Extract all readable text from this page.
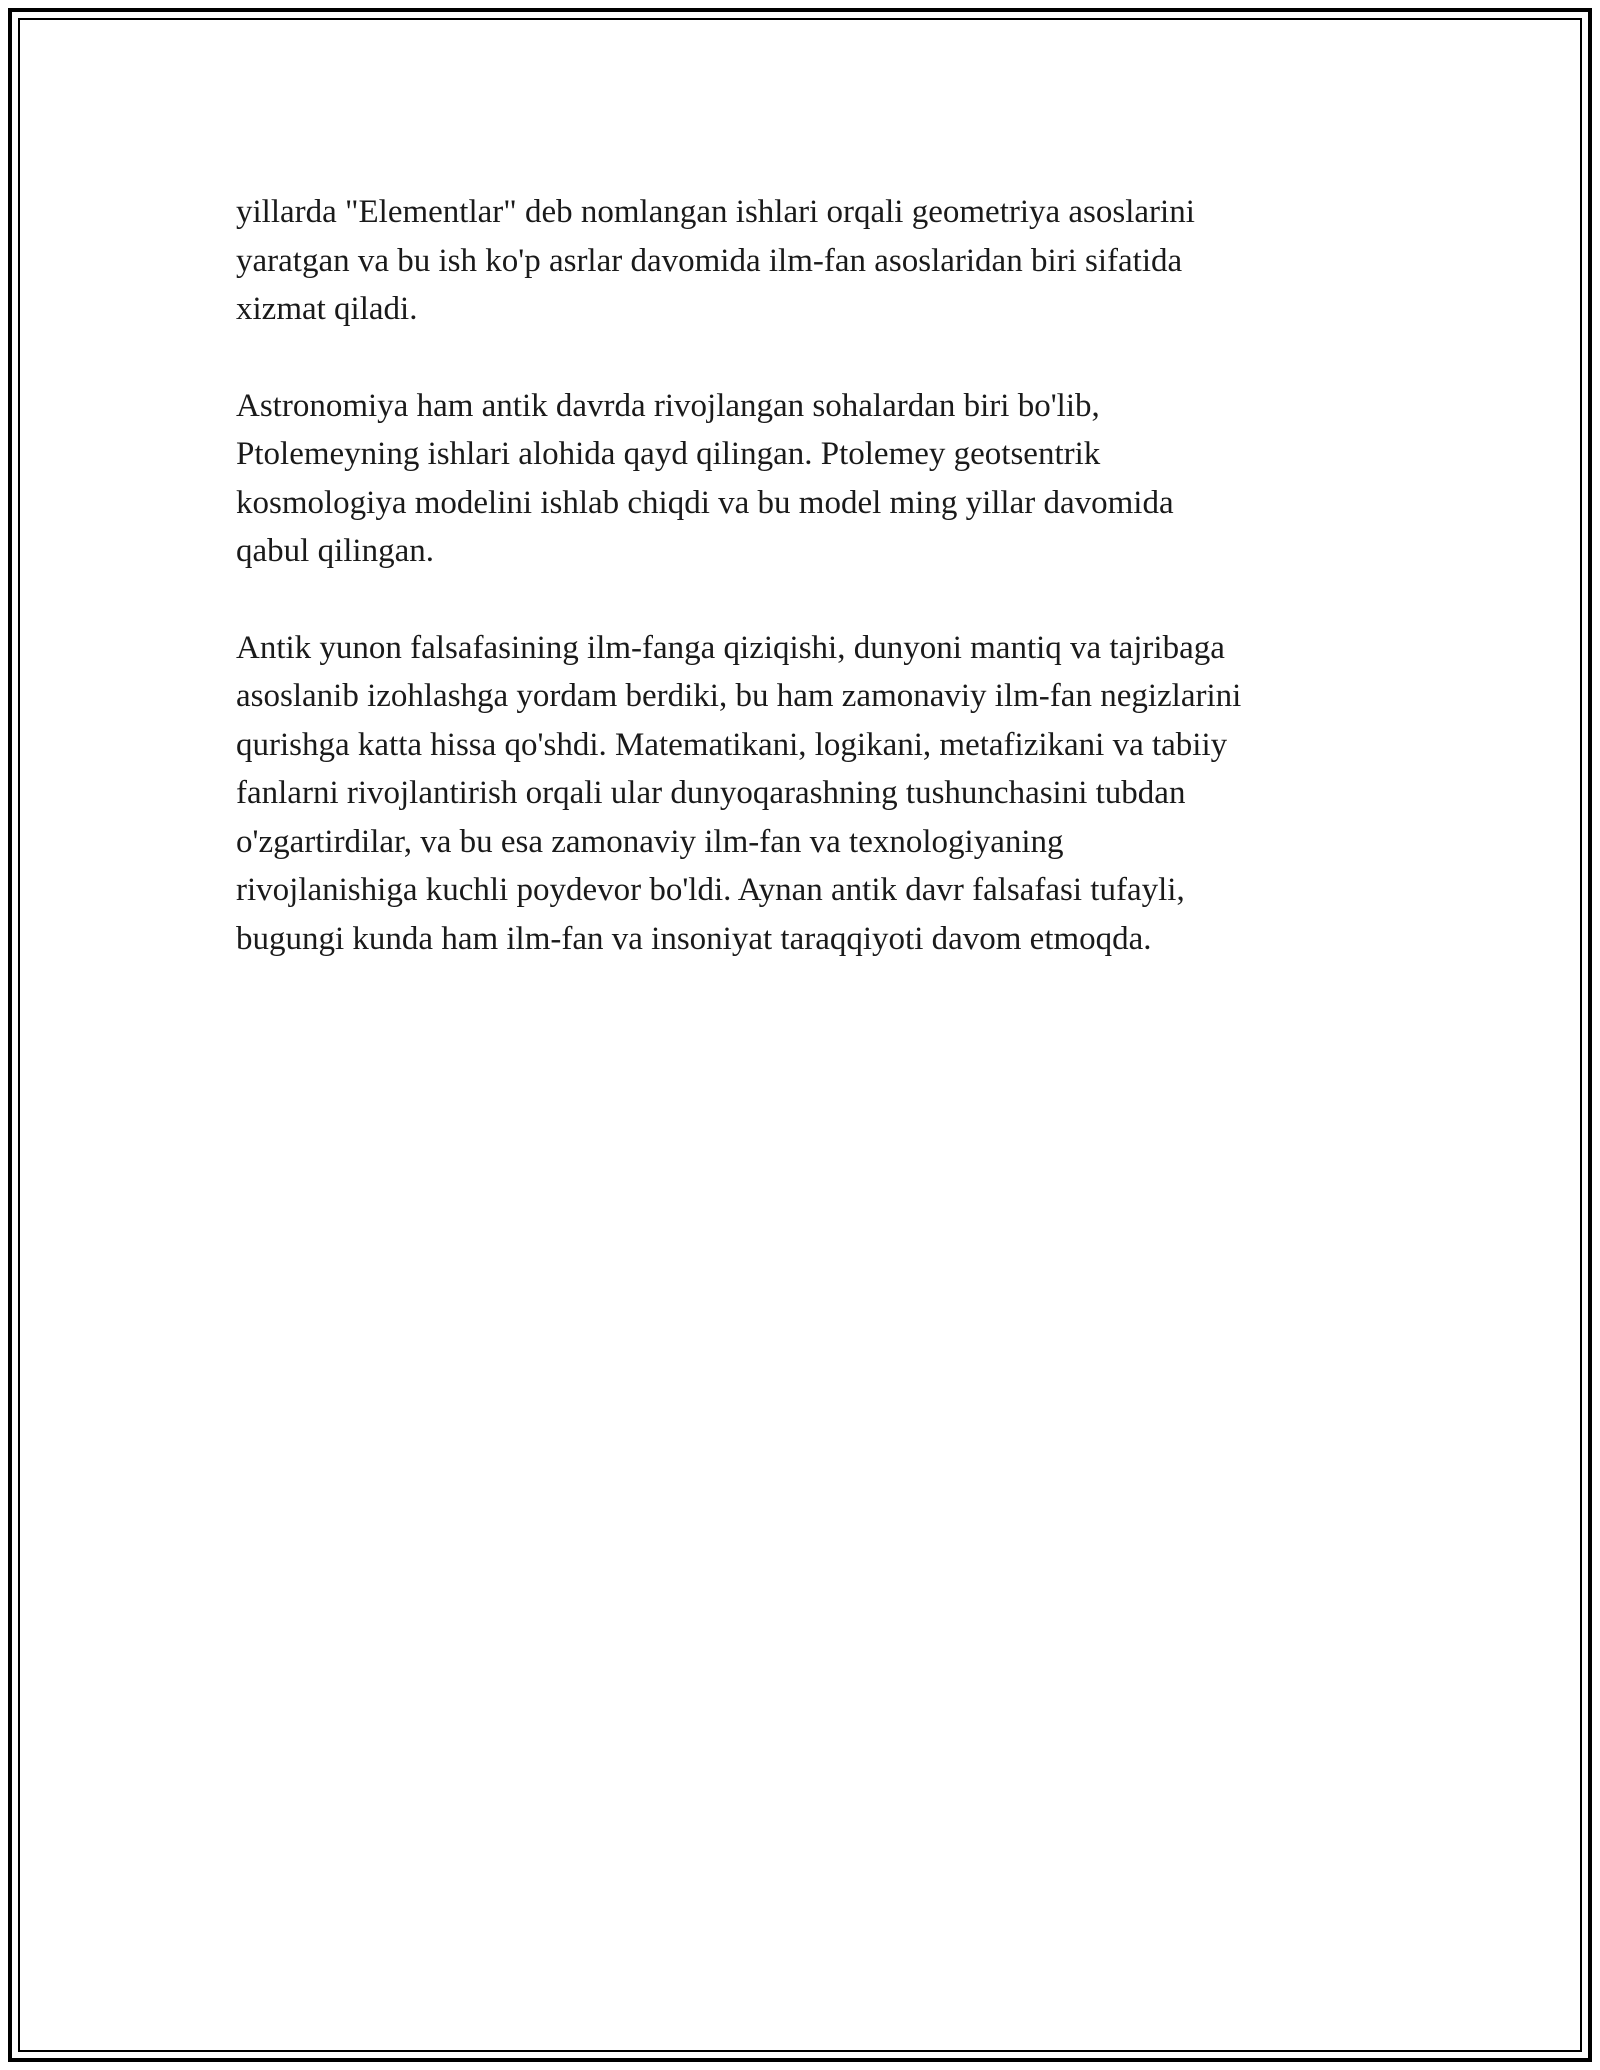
yillarda "Elementlar" deb nomlangan ishlari orqali geometriya asoslarini
yaratgan va bu ish ko'p asrlar davomida ilm-fan asoslaridan biri sifatida
xizmat qiladi.

Astronomiya ham antik davrda rivojlangan sohalardan biri bo'lib,
Ptolemeyning ishlari alohida qayd qilingan. Ptolemey geotsentrik
kosmologiya modelini ishlab chiqdi va bu model ming yillar davomida
qabul qilingan.

Antik yunon falsafasining ilm-fanga qiziqishi, dunyoni mantiq va tajribaga
asoslanib izohlashga yordam berdiki, bu ham zamonaviy ilm-fan negizlarini
qurishga katta hissa qo'shdi. Matematikani, logikani, metafizikani va tabiiy
fanlarni rivojlantirish orqali ular dunyoqarashning tushunchasini tubdan
o'zgartirdilar, va bu esa zamonaviy ilm-fan va texnologiyaning
rivojlanishiga kuchli poydevor bo'ldi. Aynan antik davr falsafasi tufayli,
bugungi kunda ham ilm-fan va insoniyat taraqqiyoti davom etmoqda.
